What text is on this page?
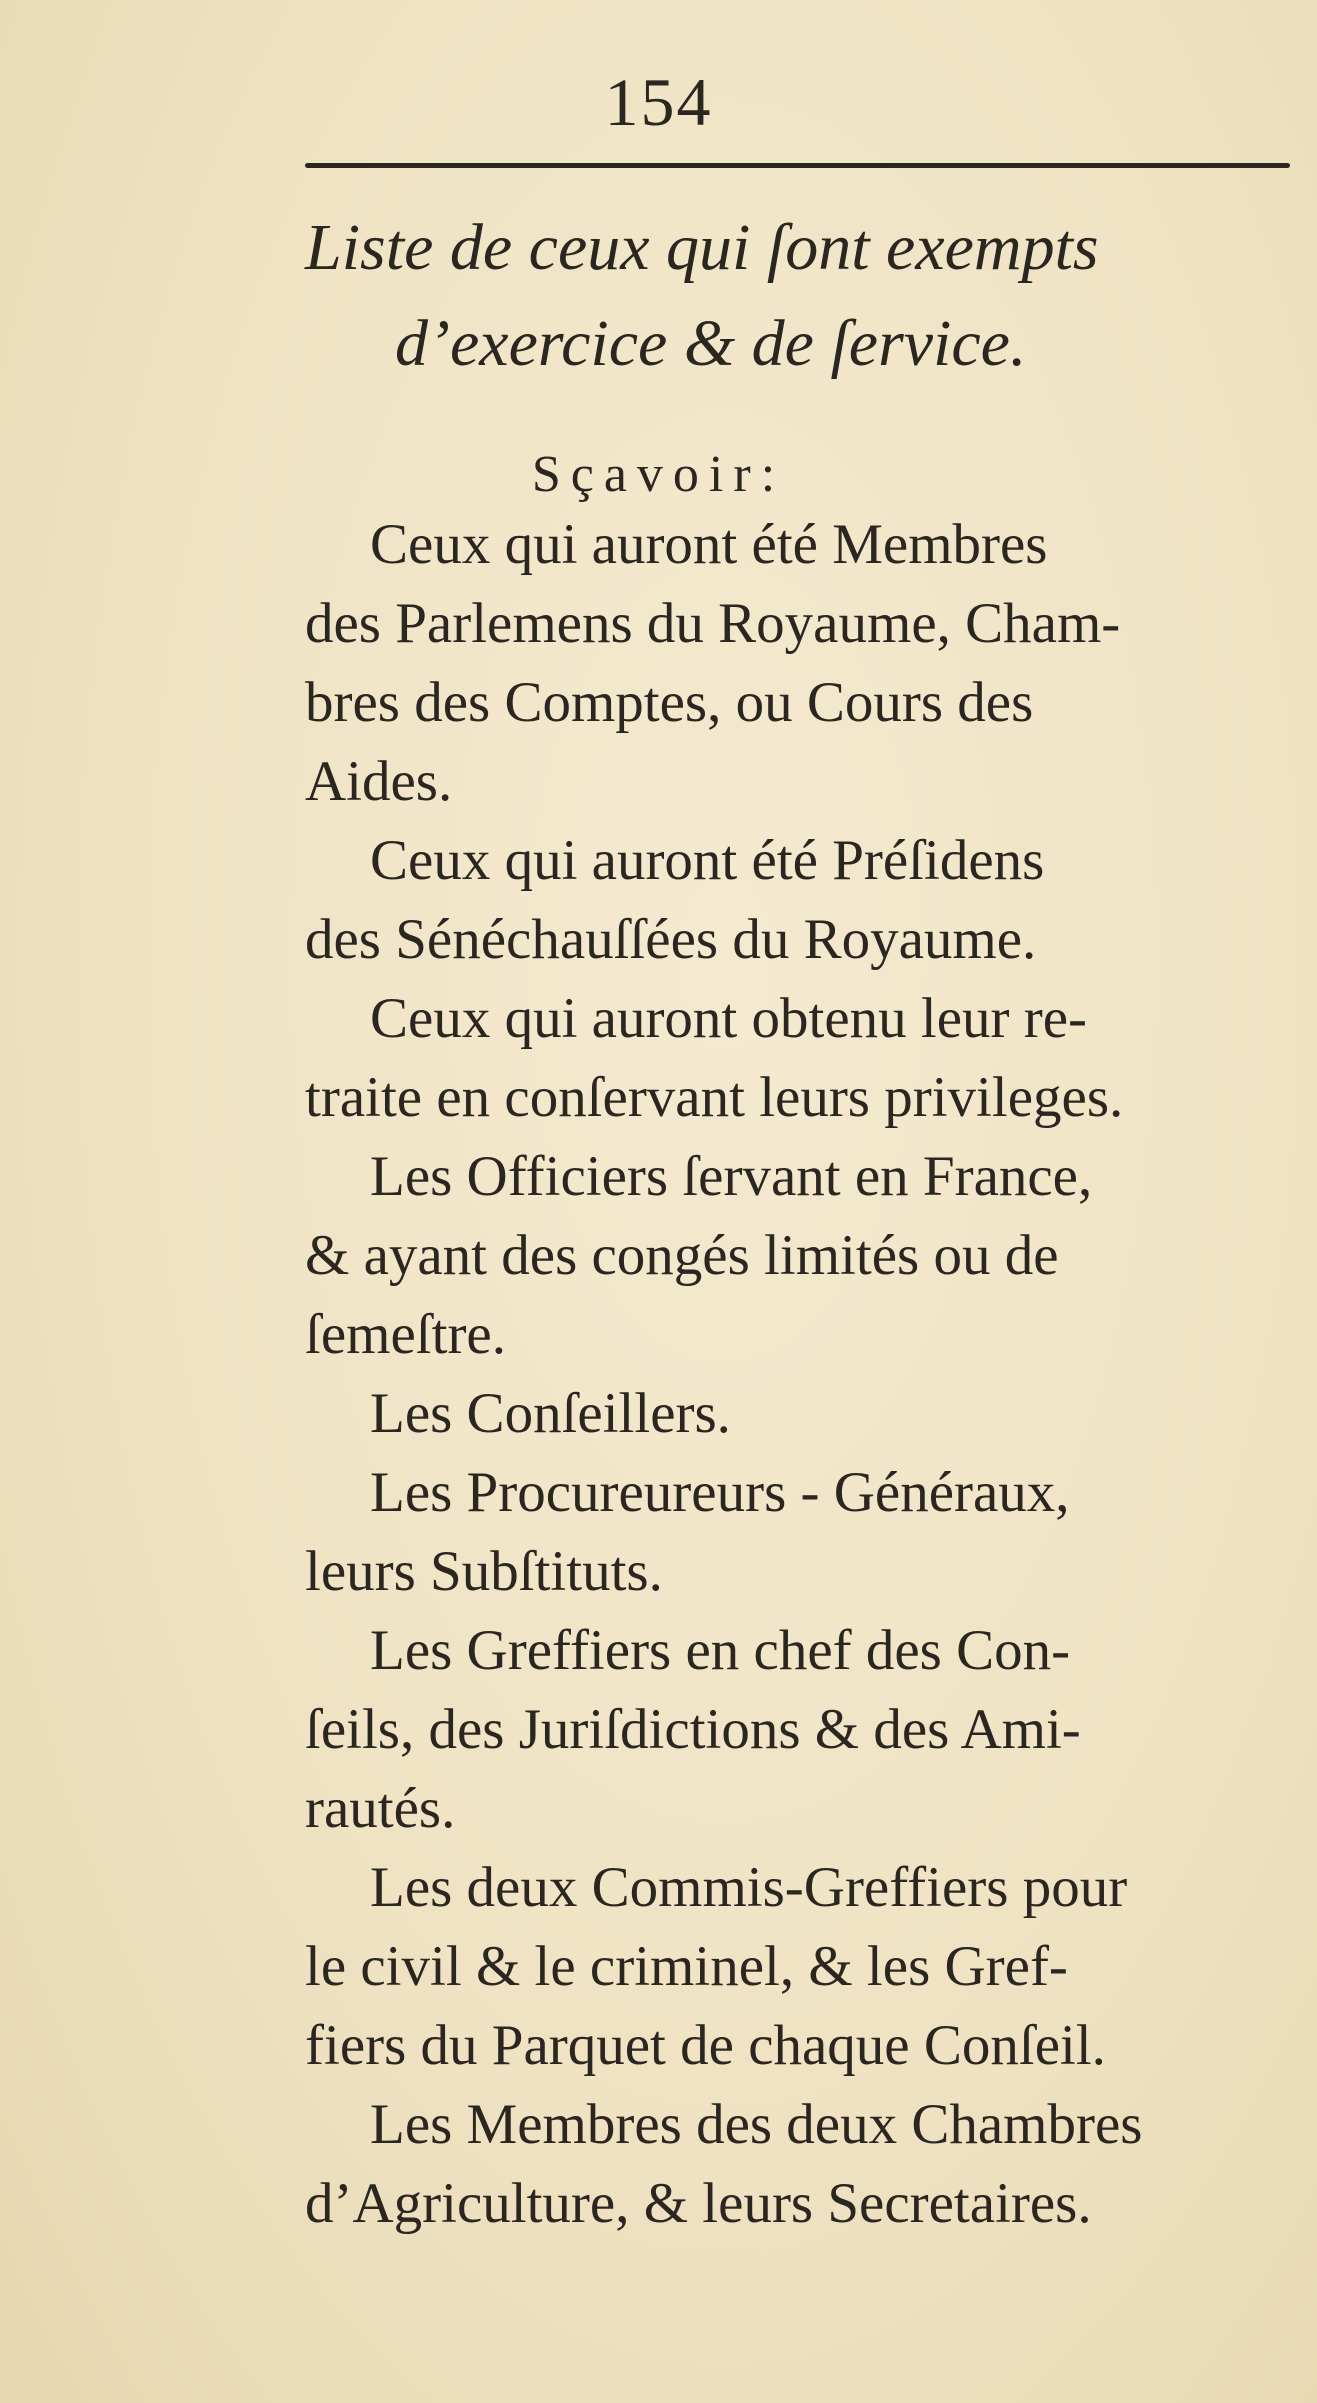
154
Liste de ceux qui ſont exempts
d’exercice & de ſervice.
Sçavoir:

Ceux qui auront été Membres
des Parlemens du Royaume, Cham-
bres des Comptes, ou Cours des
Aides.

Ceux qui auront été Préſidens
des Sénéchauſſées du Royaume.

Ceux qui auront obtenu leur re-
traite en conſervant leurs privileges.

Les Officiers ſervant en France,
& ayant des congés limités ou de
ſemeſtre.

Les Conſeillers.

Les Procureureurs - Généraux,
leurs Subſtituts.

Les Greffiers en chef des Con-
ſeils, des Juriſdictions & des Ami-
rautés.

Les deux Commis-Greffiers pour
le civil & le criminel, & les Gref-
fiers du Parquet de chaque Conſeil.

Les Membres des deux Chambres
d’Agriculture, & leurs Secretaires.
